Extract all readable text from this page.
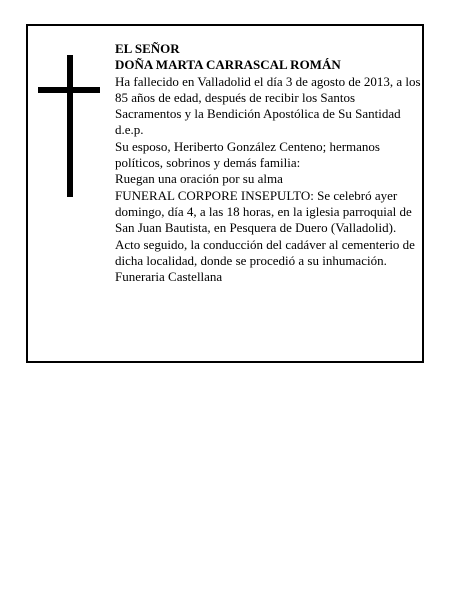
EL SEÑOR

DOÑA MARTA CARRASCAL ROMÁN

Ha fallecido en Valladolid el día 3 de agosto de 2013, a los 85 años de edad, después de recibir los Santos Sacramentos y la Bendición Apostólica de Su Santidad d.e.p.

Su esposo, Heriberto González Centeno; hermanos políticos, sobrinos y demás familia:

Ruegan una oración por su alma

FUNERAL CORPORE INSEPULTO: Se celebró ayer domingo, día 4, a las 18 horas, en la iglesia parroquial de San Juan Bautista, en Pesquera de Duero (Valladolid). Acto seguido, la conducción del cadáver al cementerio de dicha localidad, donde se procedió a su inhumación.

Funeraria Castellana
